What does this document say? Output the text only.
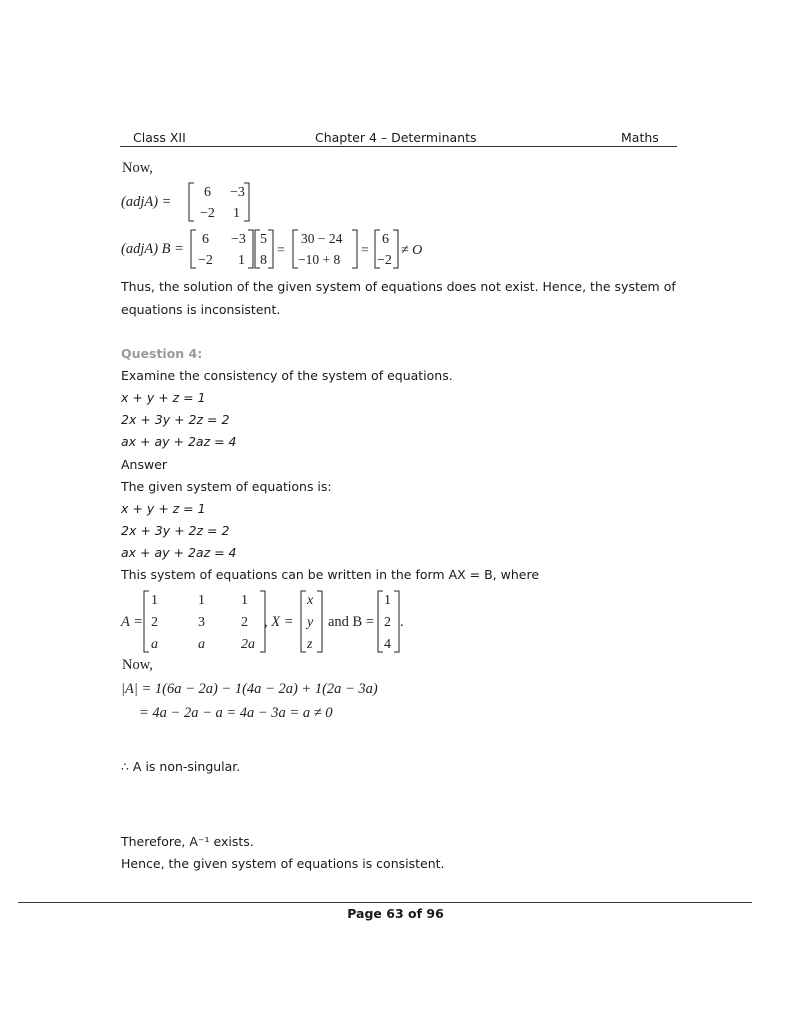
Class XII	Chapter 4 – Determinants	Maths
Now,
(adjA) =
6 −3
−2 1
(adjA) B =
6 −3
−2 1
5
8
=
30 − 24
−10 + 8
=
6
−2
≠ O
Thus, the solution of the given system of equations does not exist. Hence, the system of
equations is inconsistent.
Question 4:
Examine the consistency of the system of equations.
x + y + z = 1
2x + 3y + 2z = 2
ax + ay + 2az = 4
Answer
The given system of equations is:
x + y + z = 1
2x + 3y + 2z = 2
ax + ay + 2az = 4
This system of equations can be written in the form AX = B, where
A =
1	1	1
2	3	2
a	a	2a
, X =
x
y
z
and B =
1
2
4
.
Now,
|A| = 1(6a − 2a) − 1(4a − 2a) + 1(2a − 3a)
= 4a − 2a − a = 4a − 3a = a ≠ 0
∴ A is non-singular.
Therefore, A⁻¹ exists.
Hence, the given system of equations is consistent.
Page 63 of 96
